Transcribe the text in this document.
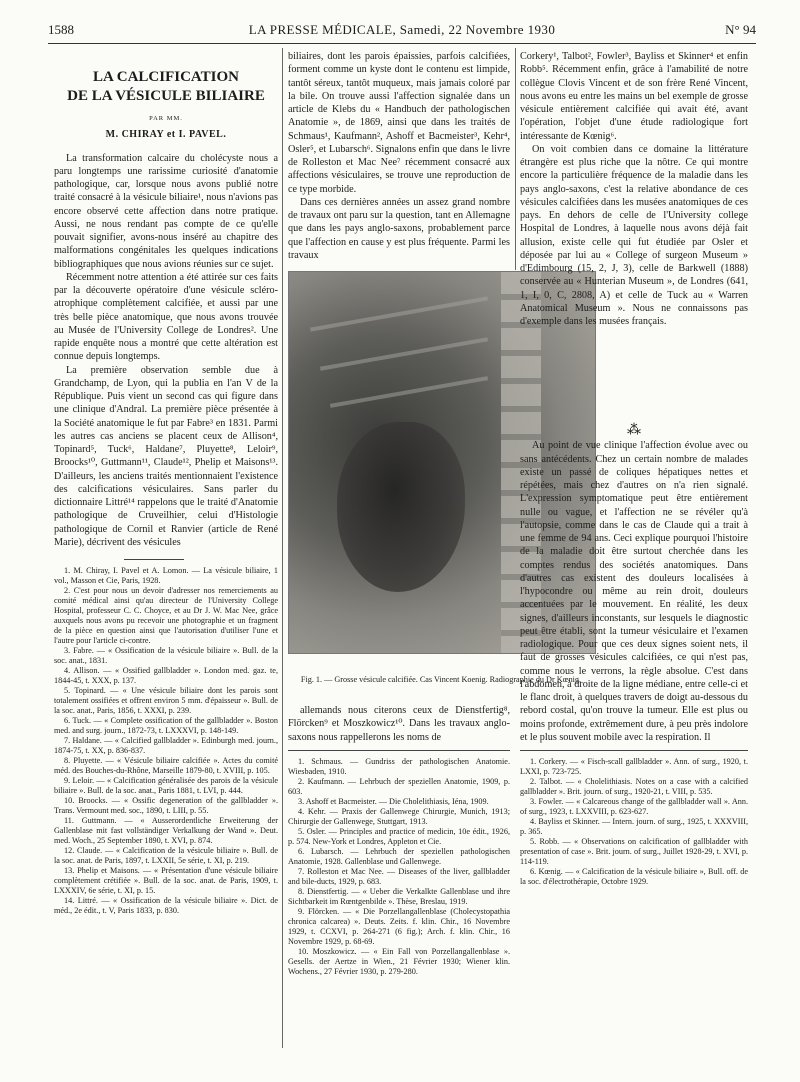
1588	LA PRESSE MÉDICALE, Samedi, 22 Novembre 1930	N° 94
LA CALCIFICATION
DE LA VÉSICULE BILIAIRE
PAR MM.
M. CHIRAY et I. PAVEL.

La transformation calcaire du cholécyste nous a paru longtemps une rarissime curiosité d'anatomie pathologique, car, lorsque nous avons publié notre traité consacré à la vésicule biliaire¹, nous n'avions pas encore observé cette affection dans notre pratique. Aussi, ne nous rendant pas compte de ce qu'elle pouvait signifier, avons-nous inséré au chapitre des malformations congénitales les quelques indications bibliographiques que nous avions réunies sur ce sujet.

Récemment notre attention a été attirée sur ces faits par la découverte opératoire d'une vésicule scléro-atrophique complètement calcifiée, et aussi par une très belle pièce anatomique, que nous avons trouvée au Musée de l'University College de Londres². Une rapide enquête nous a montré que cette altération est connue depuis longtemps.

La première observation semble due à Grandchamp, de Lyon, qui la publia en l'an V de la République. Puis vient un second cas qui figure dans une clinique d'Andral. La première pièce présentée à la Société anatomique le fut par Fabre³ en 1831. Parmi les autres cas anciens se placent ceux de Allison⁴, Topinard⁵, Tuck⁶, Haldane⁷, Pluyette⁸, Leloir⁹, Broocks¹⁰, Guttmann¹¹, Claude¹², Phelip et Maisons¹³. D'ailleurs, les anciens traités mentionnaient l'existence des calcifications vésiculaires. Sans parler du dictionnaire Littré¹⁴ rappelons que le traité d'Anatomie pathologique de Cruveilhier, celui d'Histologie pathologique de Cornil et Ranvier (article de René Marie), décrivent des vésicules

1. M. Chiray, I. Pavel et A. Lomon. — La vésicule biliaire, 1 vol., Masson et Cie, Paris, 1928.

2. C'est pour nous un devoir d'adresser nos remerciements au comité médical ainsi qu'au directeur de l'University College Hospital, professeur C. C. Choyce, et au Dr J. W. Mac Nee, grâce auxquels nous avons pu recevoir une photographie et un fragment de la pièce en question ainsi que l'autorisation d'utiliser l'une et l'autre pour l'article ci-contre.

3. Fabre. — « Ossification de la vésicule biliaire ». Bull. de la soc. anat., 1831.

4. Allison. — « Ossified gallbladder ». London med. gaz. te, 1844-45, t. XXX, p. 137.

5. Topinard. — « Une vésicule biliaire dont les parois sont totalement ossifiées et offrent environ 5 mm. d'épaisseur ». Bull. de la soc. anat., Paris, 1856, t. XXXI, p. 239.

6. Tuck. — « Complete ossification of the gallbladder ». Boston med. and surg. journ., 1872-73, t. LXXXVI, p. 148-149.

7. Haldane. — « Calcified gallbladder ». Edinburgh med. journ., 1874-75, t. XX, p. 836-837.

8. Pluyette. — « Vésicule biliaire calcifiée ». Actes du comité méd. des Bouches-du-Rhône, Marseille 1879-80, t. XVIII, p. 105.

9. Leloir. — « Calcification généralisée des parois de la vésicule biliaire ». Bull. de la soc. anat., Paris 1881, t. LVI, p. 444.

10. Broocks. — « Ossific degeneration of the gallbladder ». Trans. Vermount med. soc., 1890, t. LIII, p. 55.

11. Guttmann. — « Ausserordentliche Erweiterung der Gallenblase mit fast vollständiger Verkalkung der Wand ». Deut. med. Woch., 25 September 1890, t. XVI, p. 874.

12. Claude. — « Calcification de la vésicule biliaire ». Bull. de la soc. anat. de Paris, 1897, t. LXXII, 5e série, t. XI, p. 219.

13. Phelip et Maisons. — « Présentation d'une vésicule biliaire complètement crétifiée ». Bull. de la soc. anat. de Paris, 1909, t. LXXXIV, 6e série, t. XI, p. 15.

14. Littré. — « Ossification de la vésicule biliaire ». Dict. de méd., 2e édit., t. V, Paris 1833, p. 830.

biliaires, dont les parois épaissies, parfois calcifiées, forment comme un kyste dont le contenu est limpide, tantôt séreux, tantôt muqueux, mais jamais coloré par la bile. On trouve aussi l'affection signalée dans un article de Klebs du « Handbuch der pathologischen Anatomie », de 1869, ainsi que dans les traités de Schmaus¹, Kaufmann², Ashoff et Bacmeister³, Kehr⁴, Osler⁵, et Lubarsch⁶. Signalons enfin que dans le livre de Rolleston et Mac Nee⁷ récemment consacré aux affections vésiculaires, se trouve une reproduction de ce type morbide.

Dans ces dernières années un assez grand nombre de travaux ont paru sur la question, tant en Allemagne que dans les pays anglo-saxons, probablement parce que l'affection en cause y est plus fréquente. Parmi les travaux

Fig. 1. — Grosse vésicule calcifiée. Cas Vincent Koenig. Radiographie du Dr Kœnig.

allemands nous citerons ceux de Dienstfertig⁸, Flörcken⁹ et Moszkowicz¹⁰. Dans les travaux anglo-saxons nous rappellerons les noms de

1. Schmaus. — Gundriss der pathologischen Anatomie. Wiesbaden, 1910.

2. Kaufmann. — Lehrbuch der speziellen Anatomie, 1909, p. 603.

3. Ashoff et Bacmeister. — Die Cholelithiasis, Iéna, 1909.

4. Kehr. — Praxis der Gallenwege Chirurgie, Munich, 1913; Chirurgie der Gallenwege, Stuttgart, 1913.

5. Osler. — Principles and practice of medicin, 10e édit., 1926, p. 574. New-York et Londres, Appleton et Cie.

6. Lubarsch. — Lehrbuch der speziellen pathologischen Anatomie, 1928. Gallenblase und Gallenwege.

7. Rolleston et Mac Nee. — Diseases of the liver, gallbladder and bile-ducts, 1929, p. 683.

8. Dienstfertig. — « Ueber die Verkalkte Gallenblase und ihre Sichtbarkeit im Rœntgenbilde ». Thèse, Breslau, 1919.

9. Flörcken. — « Die Porzellangallenblase (Cholecystopathia chronica calcarea) ». Deuts. Zeits. f. klin. Chir., 16 Novembre 1929, t. CCXVI, p. 264-271 (6 fig.); Arch. f. klin. Chir., 16 Novembre 1929, p. 68-69.

10. Moszkowicz. — « Ein Fall von Porzellangallenblase ». Gesells. der Aertze in Wien., 21 Février 1930; Wiener klin. Wochens., 27 Février 1930, p. 279-280.

Corkery¹, Talbot², Fowler³, Bayliss et Skinner⁴ et enfin Robb⁵. Récemment enfin, grâce à l'amabilité de notre collègue Clovis Vincent et de son frère René Vincent, nous avons eu entre les mains un bel exemple de grosse vésicule entièrement calcifiée qui avait été, avant l'opération, l'objet d'une étude radiologique fort intéressante de Kœnig⁶.

On voit combien dans ce domaine la littérature étrangère est plus riche que la nôtre. Ce qui montre encore la particulière fréquence de la maladie dans les pays anglo-saxons, c'est la relative abondance de ces vésicules calcifiées dans les musées anatomiques de ces pays. En dehors de celle de l'University college Hospital de Londres, à laquelle nous avons déjà fait allusion, existe celle qui fut étudiée par Osler et déposée par lui au « College of surgeon Museum » d'Edimbourg (15, 2, J, 3), celle de Barkwell (1888) conservée au « Hunterian Museum », de Londres (641, 1, I, 0, C, 2808, A) et celle de Tuck au « Warren Anatomical Museum ». Nous ne connaissons pas d'exemple dans les musées français.

⁂

Au point de vue clinique l'affection évolue avec ou sans antécédents. Chez un certain nombre de malades existe un passé de coliques hépatiques nettes et répétées, mais chez d'autres on n'a rien signalé. L'expression symptomatique peut être entièrement nulle ou vague, et l'affection ne se révéler qu'à l'autopsie, comme dans le cas de Claude qui a trait à une femme de 94 ans. Ceci explique pourquoi l'histoire de la maladie doit être surtout cherchée dans les comptes rendus des sociétés anatomiques. Dans d'autres cas existent des douleurs localisées à l'hypocondre ou même au rein droit, douleurs accentuées par le mouvement. En réalité, les deux signes, d'ailleurs inconstants, sur lesquels le diagnostic peut être établi, sont la tumeur vésiculaire et l'examen radiologique. Pour que ces deux signes soient nets, il faut de grosses vésicules calcifiées, ce qui n'est pas, comme nous le verrons, la règle absolue. C'est dans l'abdomen, à droite de la ligne médiane, entre celle-ci et le flanc droit, à quelques travers de doigt au-dessous du rebord costal, qu'on trouve la tumeur. Elle est plus ou moins profonde, extrêmement dure, à peu près indolore et le plus souvent mobile avec la respiration. Il

1. Corkery. — « Fisch-scall gallbladder ». Ann. of surg., 1920, t. LXXI, p. 723-725.

2. Talbot. — « Cholelithiasis. Notes on a case with a calcified gallbladder ». Brit. journ. of surg., 1920-21, t. VIII, p. 535.

3. Fowler. — « Calcareous change of the gallbladder wall ». Ann. of surg., 1923, t. LXXVIII, p. 623-627.

4. Bayliss et Skinner. — Intern. journ. of surg., 1925, t. XXXVIII, p. 365.

5. Robb. — « Observations on calcification of gallbladder with presentation of case ». Brit. journ. of surg., Juillet 1928-29, t. XVI, p. 114-119.

6. Kœnig. — « Calcification de la vésicule biliaire », Bull. off. de la soc. d'électrothérapie, Octobre 1929.
